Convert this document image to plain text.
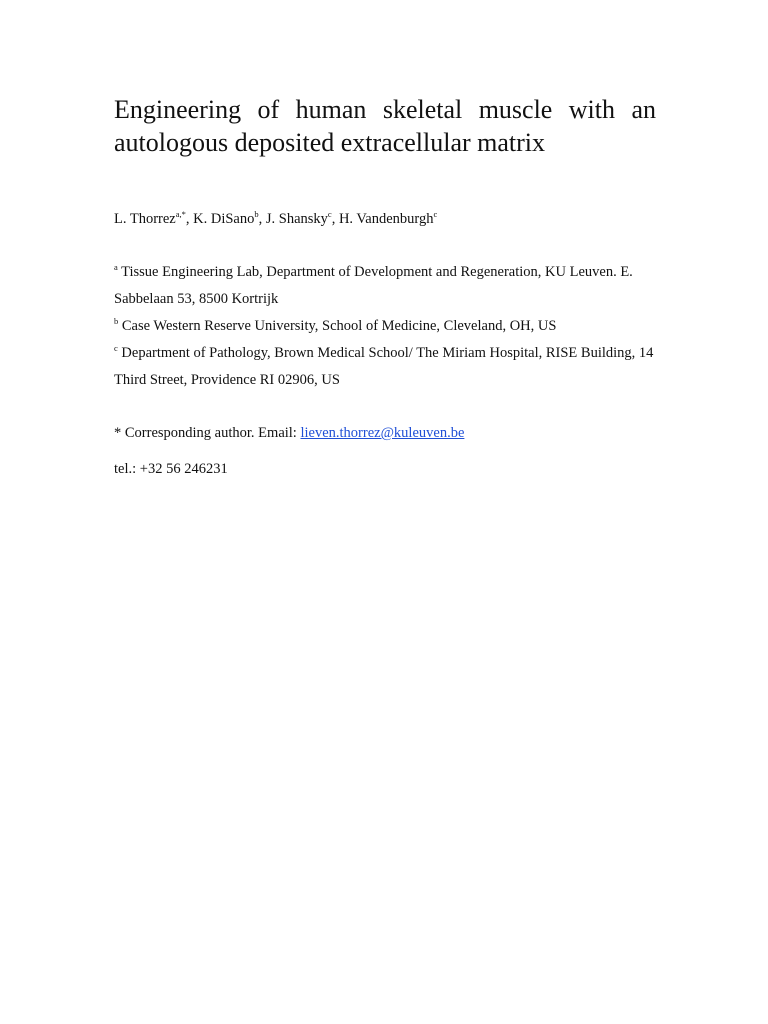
Engineering of human skeletal muscle with an autologous deposited extracellular matrix
L. Thorrez$^{a,*}$, K. DiSano$^b$, J. Shansky$^c$, H. Vandenburgh$^c$

$^a$ Tissue Engineering Lab, Department of Development and Regeneration, KU Leuven. E. Sabbelaan 53, 8500 Kortrijk

$^b$ Case Western Reserve University, School of Medicine, Cleveland, OH, US

$^c$ Department of Pathology, Brown Medical School/ The Miriam Hospital, RISE Building, 14 Third Street, Providence RI 02906, US

* Corresponding author. Email: lieven.thorrez@kuleuven.be
tel.: +32 56 246231
